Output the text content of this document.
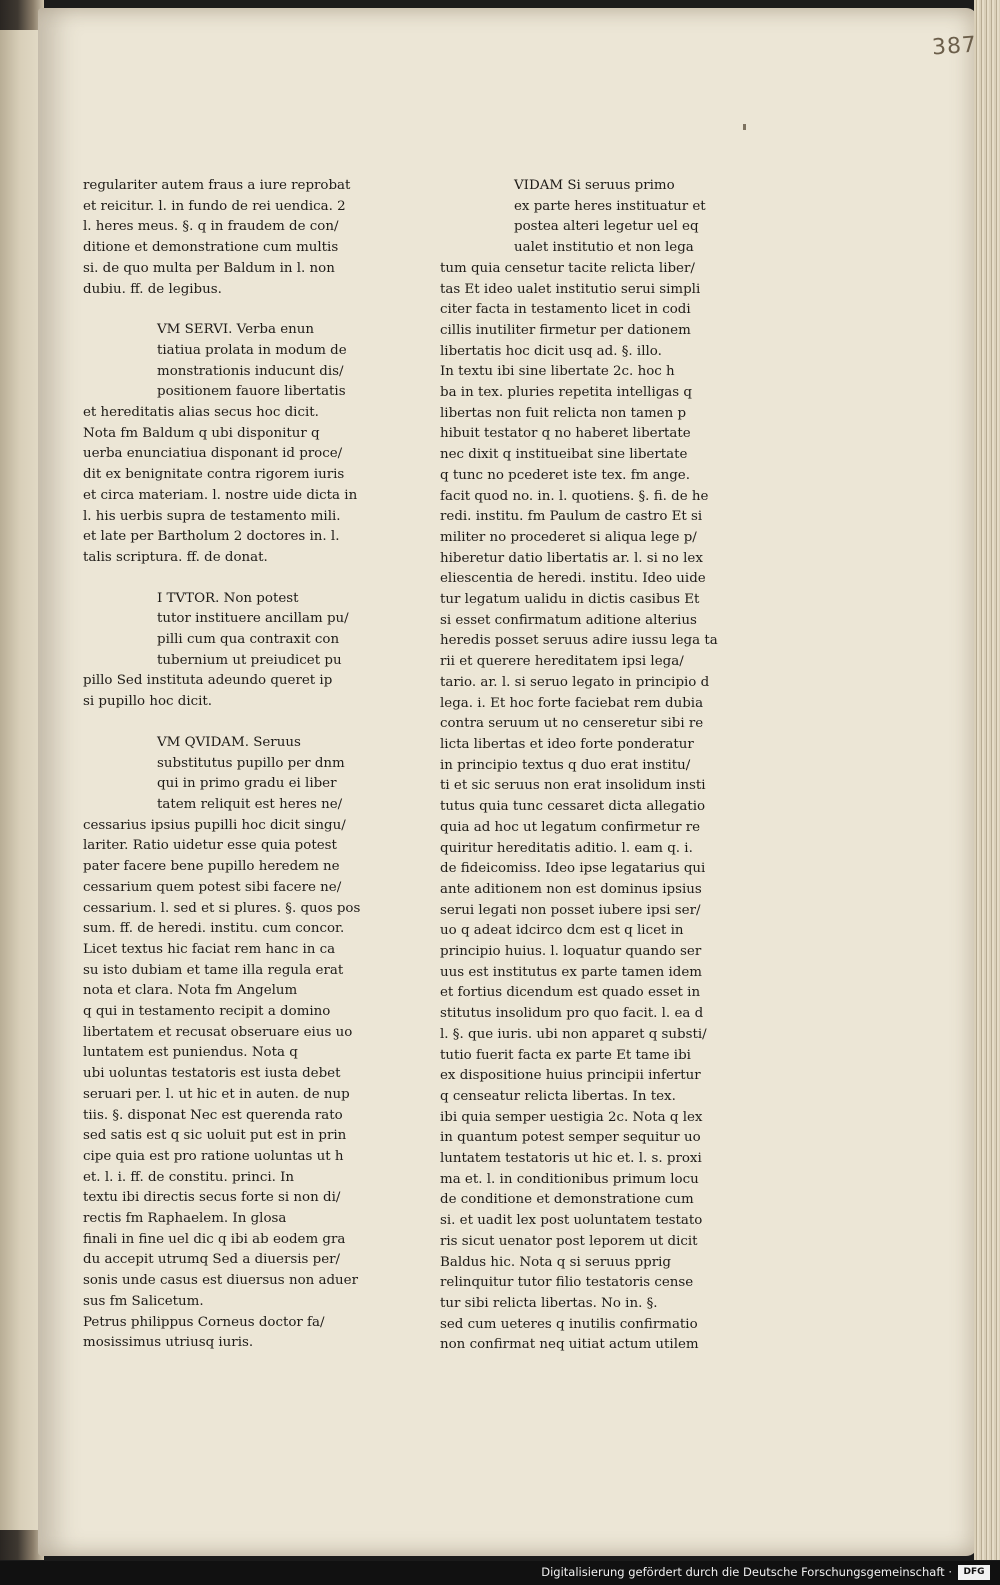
387
regulariter autem fraus a iure reprobat
et reicitur. l. in fundo de rei uendica. 2
l. heres meus. §. q in fraudem de con/
ditione et demonstratione cum multis
si. de quo multa per Baldum in l. non
dubiu. ff. de legibus.
VM SERVI. Verba enun
tiatiua prolata in modum de
monstrationis inducunt dis/
positionem fauore libertatis
et hereditatis alias secus hoc dicit.
Nota fm Baldum q ubi disponitur q
uerba enunciatiua disponant id proce/
dit ex benignitate contra rigorem iuris
et circa materiam. l. nostre uide dicta in
l. his uerbis supra de testamento mili.
et late per Bartholum 2 doctores in. l.
talis scriptura. ff. de donat.
I TVTOR. Non potest
tutor instituere ancillam pu/
pilli cum qua contraxit con
tubernium ut preiudicet pu
pillo Sed instituta adeundo queret ip
si pupillo hoc dicit.
VM QVIDAM. Seruus
substitutus pupillo per dnm
qui in primo gradu ei liber
tatem reliquit est heres ne/
cessarius ipsius pupilli hoc dicit singu/
lariter. Ratio uidetur esse quia potest
pater facere bene pupillo heredem ne
cessarium quem potest sibi facere ne/
cessarium. l. sed et si plures. §. quos pos
sum. ff. de heredi. institu. cum concor.
Licet textus hic faciat rem hanc in ca
su isto dubiam et tame illa regula erat
nota et clara. Nota fm Angelum
q qui in testamento recipit a domino
libertatem et recusat obseruare eius uo
luntatem est puniendus. Nota q
ubi uoluntas testatoris est iusta debet
seruari per. l. ut hic et in auten. de nup
tiis. §. disponat Nec est querenda rato
sed satis est q sic uoluit put est in prin
cipe quia est pro ratione uoluntas ut h
et. l. i. ff. de constitu. princi. In
textu ibi directis secus forte si non di/
rectis fm Raphaelem. In glosa
finali in fine uel dic q ibi ab eodem gra
du accepit utrumq Sed a diuersis per/
sonis unde casus est diuersus non aduer
sus fm Salicetum.
Petrus philippus Corneus doctor fa/
mosissimus utriusq iuris.
VIDAM Si seruus primo
ex parte heres instituatur et
postea alteri legetur uel eq
ualet institutio et non lega
tum quia censetur tacite relicta liber/
tas Et ideo ualet institutio serui simpli
citer facta in testamento licet in codi
cillis inutiliter firmetur per dationem
libertatis hoc dicit usq ad. §. illo.
In textu ibi sine libertate 2c. hoc h
ba in tex. pluries repetita intelligas q
libertas non fuit relicta non tamen p
hibuit testator q no haberet libertate
nec dixit q institueibat sine libertate
q tunc no pcederet iste tex. fm ange.
facit quod no. in. l. quotiens. §. fi. de he
redi. institu. fm Paulum de castro Et si
militer no procederet si aliqua lege p/
hiberetur datio libertatis ar. l. si no lex
eliescentia de heredi. institu. Ideo uide
tur legatum ualidu in dictis casibus Et
si esset confirmatum aditione alterius
heredis posset seruus adire iussu lega ta
rii et querere hereditatem ipsi lega/
tario. ar. l. si seruo legato in principio d
lega. i. Et hoc forte faciebat rem dubia
contra seruum ut no censeretur sibi re
licta libertas et ideo forte ponderatur
in principio textus q duo erat institu/
ti et sic seruus non erat insolidum insti
tutus quia tunc cessaret dicta allegatio
quia ad hoc ut legatum confirmetur re
quiritur hereditatis aditio. l. eam q. i.
de fideicomiss. Ideo ipse legatarius qui
ante aditionem non est dominus ipsius
serui legati non posset iubere ipsi ser/
uo q adeat idcirco dcm est q licet in
principio huius. l. loquatur quando ser
uus est institutus ex parte tamen idem
et fortius dicendum est quado esset in
stitutus insolidum pro quo facit. l. ea d
l. §. que iuris. ubi non apparet q substi/
tutio fuerit facta ex parte Et tame ibi
ex dispositione huius principii infertur
q censeatur relicta libertas. In tex.
ibi quia semper uestigia 2c. Nota q lex
in quantum potest semper sequitur uo
luntatem testatoris ut hic et. l. s. proxi
ma et. l. in conditionibus primum locu
de conditione et demonstratione cum
si. et uadit lex post uoluntatem testato
ris sicut uenator post leporem ut dicit
Baldus hic. Nota q si seruus pprig
relinquitur tutor filio testatoris cense
tur sibi relicta libertas. No in. §.
sed cum ueteres q inutilis confirmatio
non confirmat neq uitiat actum utilem
Digitalisierung gefördert durch die Deutsche Forschungsgemeinschaft ·	DFG
